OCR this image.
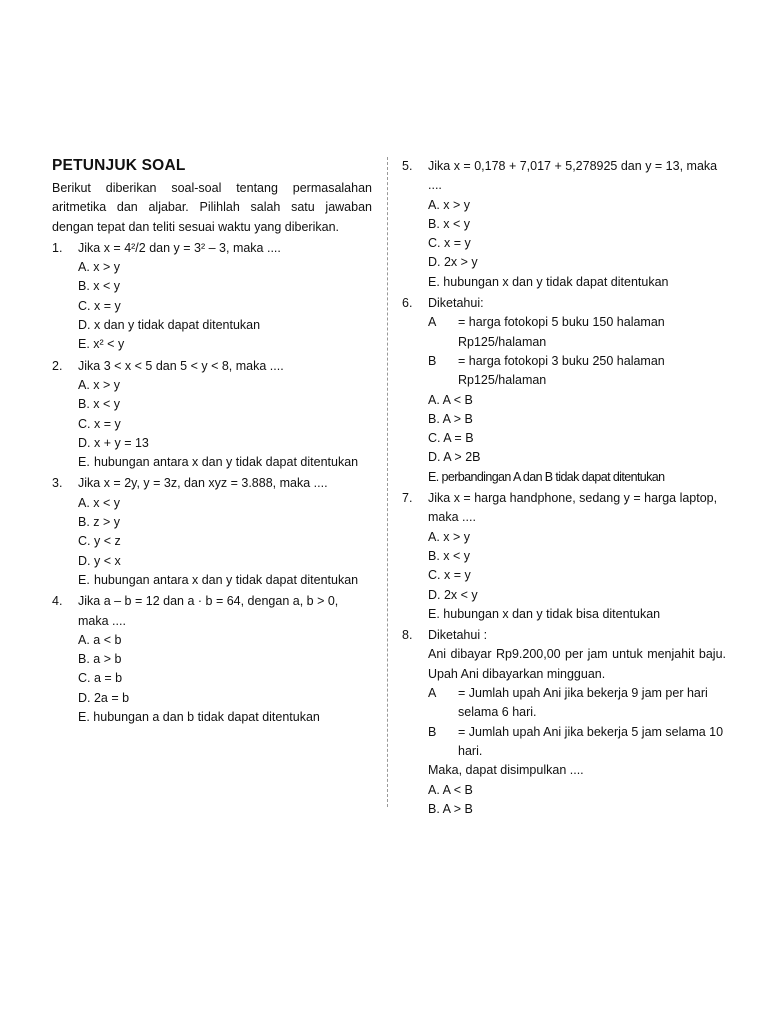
PETUNJUK SOAL
Berikut diberikan soal-soal tentang permasalahan aritmetika dan aljabar. Pilihlah salah satu jawaban dengan tepat dan teliti sesuai waktu yang diberikan.
1.	Jika x = 4²/2 dan y = 3² – 3, maka ....
A. x > y
B. x < y
C. x = y
D. x dan y tidak dapat ditentukan
E. x² < y
2.	Jika 3 < x < 5 dan 5 < y < 8, maka ....
A. x > y
B. x < y
C. x = y
D. x + y = 13
E. hubungan antara x dan y tidak dapat ditentukan
3.	Jika x = 2y, y = 3z, dan xyz = 3.888, maka ....
A. x < y
B. z > y
C. y < z
D. y < x
E. hubungan antara x dan y tidak dapat ditentukan
4.	Jika a – b = 12 dan a · b = 64, dengan a, b > 0, maka ....
A. a < b
B. a > b
C. a = b
D. 2a = b
E. hubungan a dan b tidak dapat ditentukan
5.	Jika x = 0,178 + 7,017 + 5,278925 dan y = 13, maka ....
A. x > y
B. x < y
C. x = y
D. 2x > y
E. hubungan x dan y tidak dapat ditentukan
6.	Diketahui:
A	= harga fotokopi 5 buku 150 halaman Rp125/halaman
B	= harga fotokopi 3 buku 250 halaman Rp125/halaman
A. A < B
B. A > B
C. A = B
D. A > 2B
E. perbandingan A dan B tidak dapat ditentukan
7.	Jika x = harga handphone, sedang y = harga laptop, maka ....
A. x > y
B. x < y
C. x = y
D. 2x < y
E. hubungan x dan y tidak bisa ditentukan
8.	Diketahui :
Ani dibayar Rp9.200,00 per jam untuk menjahit baju. Upah Ani dibayarkan mingguan.
A	= Jumlah upah Ani jika bekerja 9 jam per hari selama 6 hari.
B	= Jumlah upah Ani jika bekerja 5 jam selama 10 hari.
Maka, dapat disimpulkan ....
A. A < B
B. A > B
